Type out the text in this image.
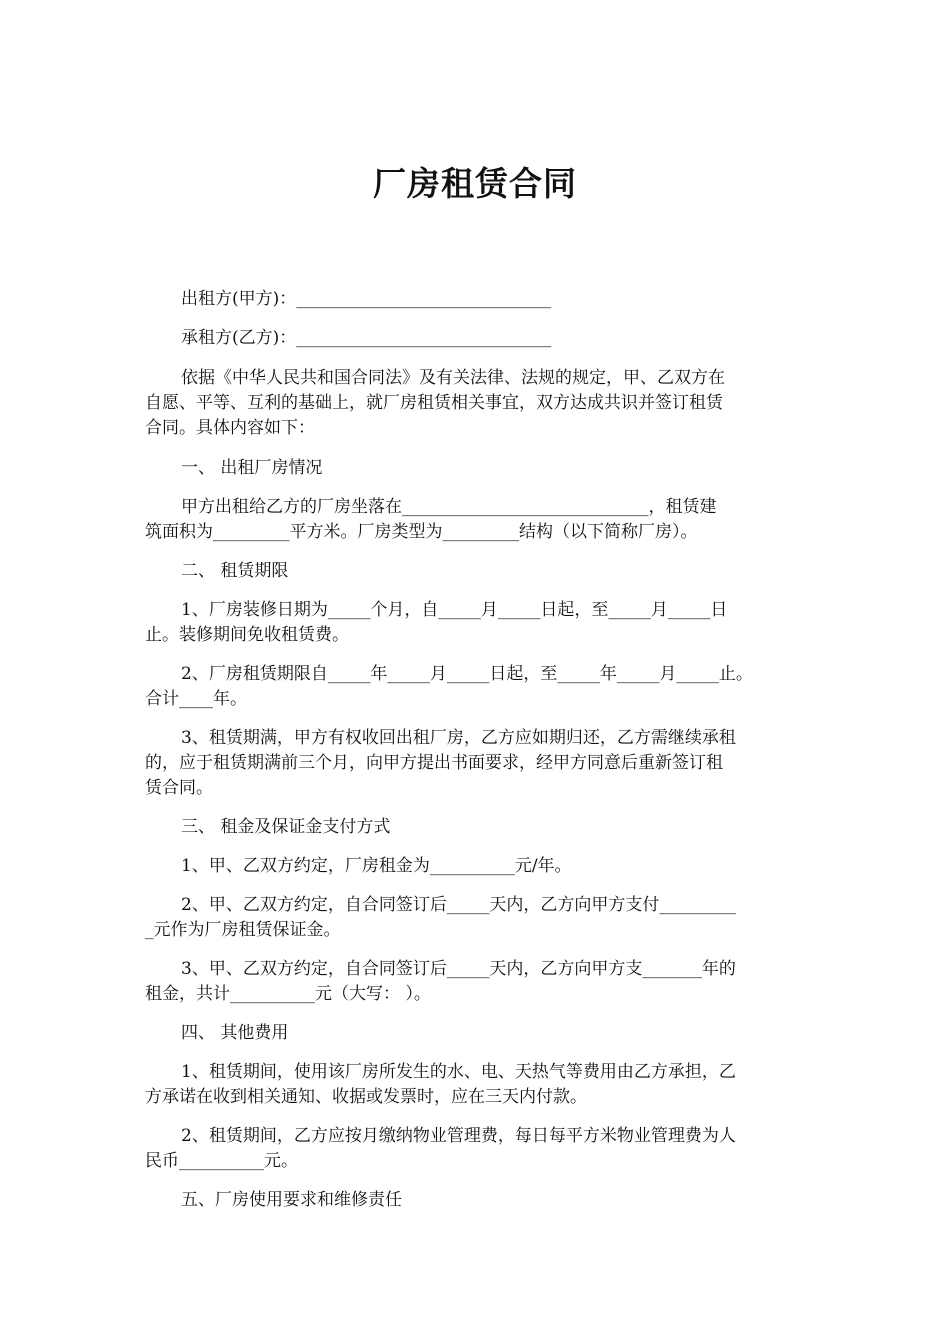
厂房租赁合同
出租方(甲方)：______________________________
承租方(乙方)：______________________________
依据《中华人民共和国合同法》及有关法律、法规的规定，甲、乙双方在
自愿、平等、互利的基础上，就厂房租赁相关事宜，双方达成共识并签订租赁
合同。具体内容如下：
一、 出租厂房情况
甲方出租给乙方的厂房坐落在_____________________________，租赁建
筑面积为_________平方米。厂房类型为_________结构（以下简称厂房）。
二、 租赁期限
1、厂房装修日期为_____个月，自_____月_____日起，至_____月_____日
止。装修期间免收租赁费。
2、厂房租赁期限自_____年_____月_____日起，至_____年_____月_____止。
合计____年。
3、租赁期满，甲方有权收回出租厂房，乙方应如期归还，乙方需继续承租
的，应于租赁期满前三个月，向甲方提出书面要求，经甲方同意后重新签订租
赁合同。
三、 租金及保证金支付方式
1、甲、乙双方约定，厂房租金为__________元/年。
2、甲、乙双方约定，自合同签订后_____天内，乙方向甲方支付_________
_元作为厂房租赁保证金。
3、甲、乙双方约定，自合同签订后_____天内，乙方向甲方支_______年的
租金，共计__________元（大写： ）。
四、 其他费用
1、租赁期间，使用该厂房所发生的水、电、天热气等费用由乙方承担，乙
方承诺在收到相关通知、收据或发票时，应在三天内付款。
2、租赁期间，乙方应按月缴纳物业管理费，每日每平方米物业管理费为人
民币__________元。
五、厂房使用要求和维修责任
